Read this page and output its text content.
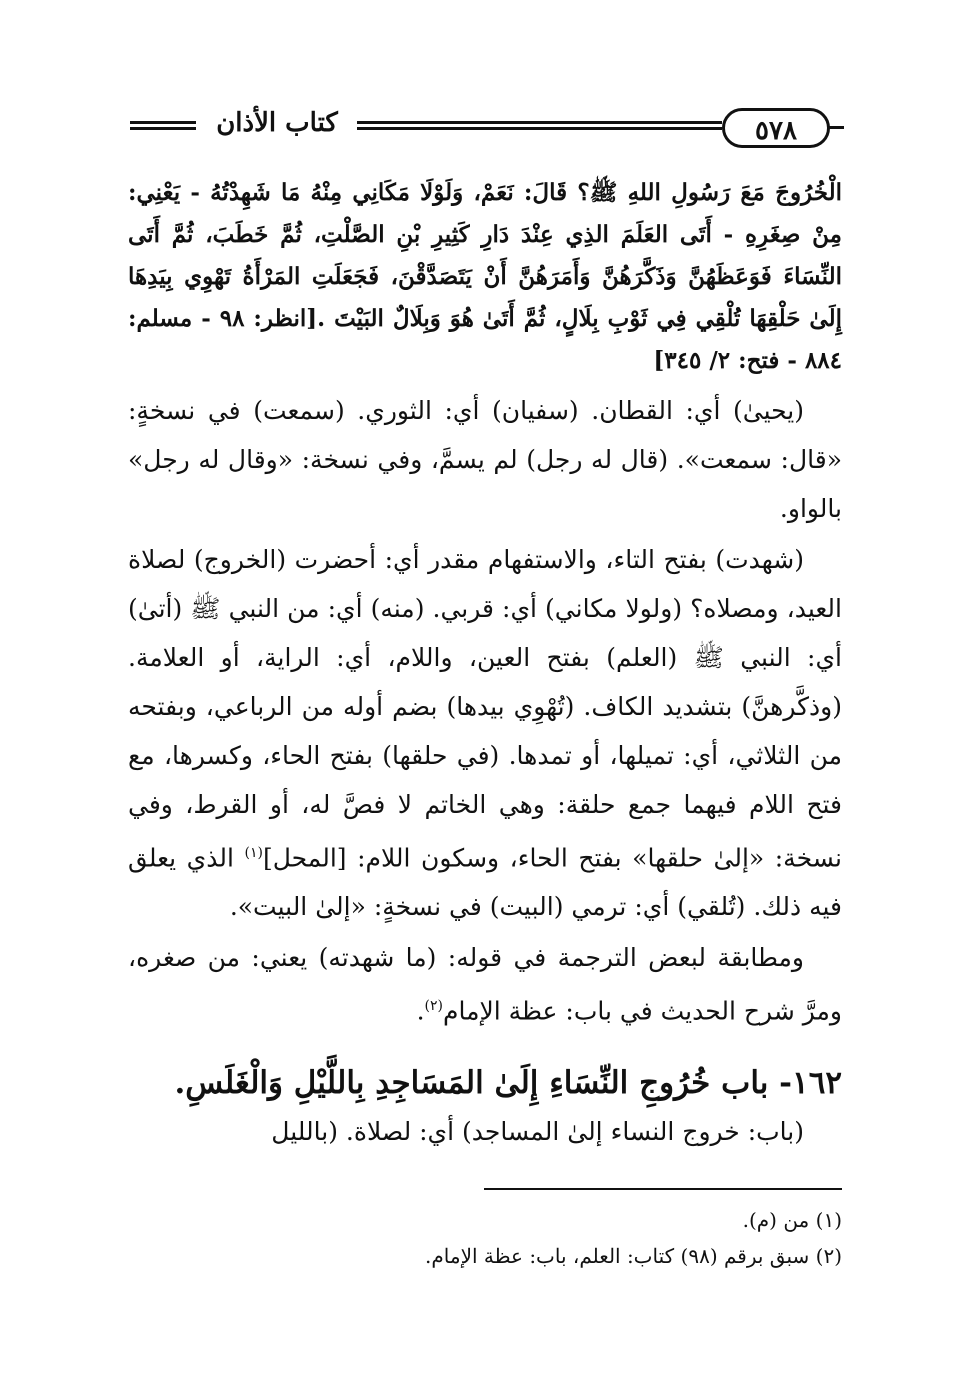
كتاب الأذان	٥٧٨

الْخُرُوجَ مَعَ رَسُولِ اللهِ ﷺ؟ قَالَ: نَعَمْ، وَلَوْلَا مَكَانِي مِنْهُ مَا شَهِدْتُهُ - يَعْنِي: مِنْ صِغَرِهِ - أَتَى العَلَمَ الذِي عِنْدَ دَارِ كَثِيرِ بْنِ الصَّلْتِ، ثُمَّ خَطَبَ، ثُمَّ أَتَى النِّسَاءَ فَوَعَظَهُنَّ وَذَكَّرَهُنَّ وَأَمَرَهُنَّ أَنْ يَتَصَدَّقْنَ، فَجَعَلَتِ المَرْأَةُ تَهْوِي بِيَدِهَا إِلَىٰ حَلْقِهَا تُلْقِي فِي ثَوْبِ بِلَالٍ، ثُمَّ أَتَىٰ هُوَ وَبِلَالٌ البَيْتَ .[انظر: ٩٨ - مسلم: ٨٨٤ - فتح: ٢/ ٣٤٥]

(يحيىٰ) أي: القطان. (سفيان) أي: الثوري. (سمعت) في نسخةٍ: «قال: سمعت». (قال له رجل) لم يسمَّ، وفي نسخة: «وقال له رجل» بالواو.

(شهدت) بفتح التاء، والاستفهام مقدر أي: أحضرت (الخروج) لصلاة العيد، ومصلاه؟ (ولولا مكاني) أي: قربي. (منه) أي: من النبي ﷺ (أتىٰ) أي: النبي ﷺ (العلم) بفتح العين، واللام، أي: الراية، أو العلامة. (وذكَّرهنَّ) بتشديد الكاف. (تُهْوِي بيدها) بضم أوله من الرباعي، وبفتحه من الثلاثي، أي: تميلها، أو تمدها. (في حلقها) بفتح الحاء، وكسرها، مع فتح اللام فيهما جمع حلقة: وهي الخاتم لا فصَّ له، أو القرط، وفي نسخة: «إلىٰ حلقها» بفتح الحاء، وسكون اللام: [المحل]$^{(١)}$ الذي يعلق فيه ذلك. (تُلقي) أي: ترمي (البيت) في نسخةٍ: «إلىٰ البيت».

ومطابقة لبعض الترجمة في قوله: (ما شهدته) يعني: من صغره، ومرَّ شرح الحديث في باب: عظة الإمام$^{(٢)}$.

١٦٢- باب خُرُوجِ النِّسَاءِ إِلَىٰ المَسَاجِدِ بِاللَّيْلِ وَالْغَلَسِ.
(باب: خروج النساء إلىٰ المساجد) أي: لصلاة. (بالليل

(١) من (م).

(٢) سبق برقم (٩٨) كتاب: العلم، باب: عظة الإمام.
